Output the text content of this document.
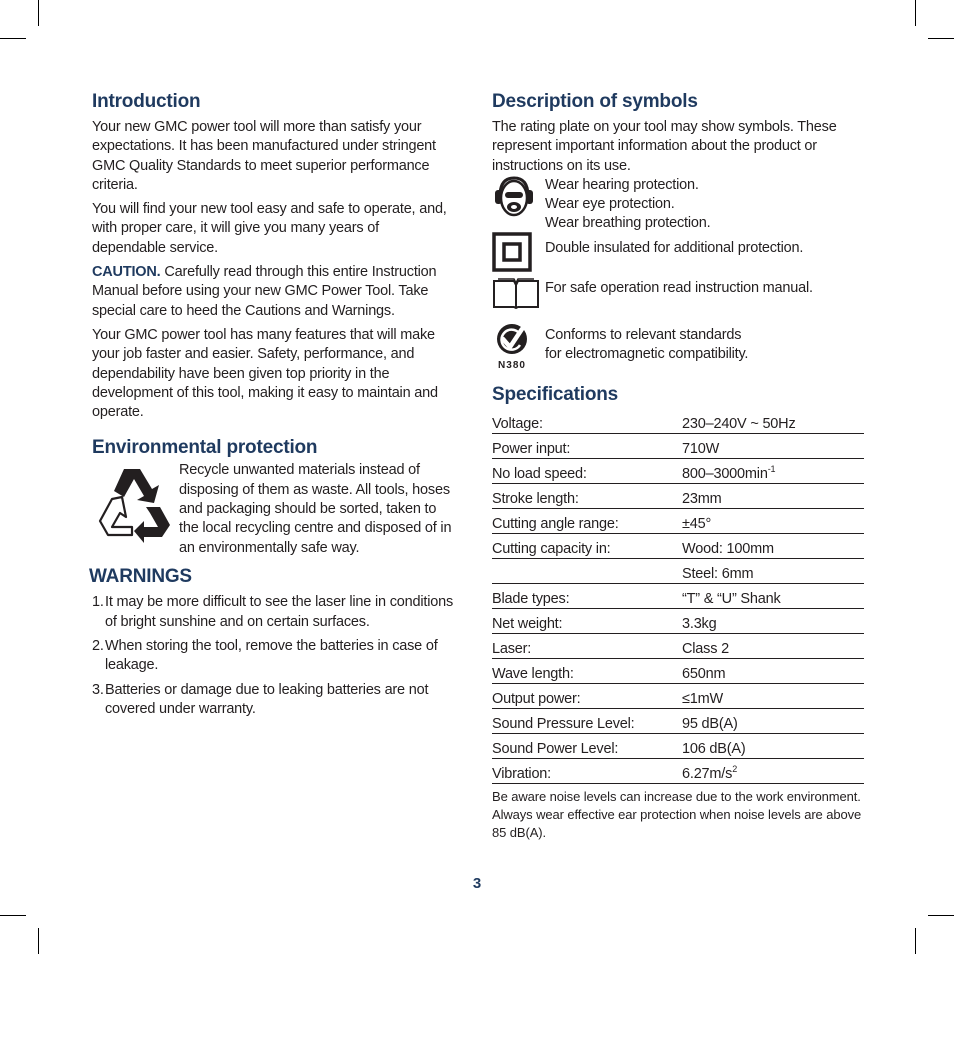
Introduction

Your new GMC power tool will more than satisfy your expectations. It has been manufactured under stringent GMC Quality Standards to meet superior performance criteria.

You will find your new tool easy and safe to operate, and, with proper care, it will give you many years of dependable service.

CAUTION. Carefully read through this entire Instruction Manual before using your new GMC Power Tool. Take special care to heed the Cautions and Warnings.

Your GMC power tool has many features that will make your job faster and easier. Safety, performance, and dependability have been given top priority in the development of this tool, making it easy to maintain and operate.

Environmental protection

Recycle unwanted materials instead of disposing of them as waste. All tools, hoses and packaging should be sorted, taken to the local recycling centre and disposed of in an environmentally safe way.

WARNINGS
1. It may be more difficult to see the laser line in conditions of bright sunshine and on certain surfaces.
2. When storing the tool, remove the batteries in case of leakage.
3. Batteries or damage due to leaking batteries are not covered under warranty.
Description of symbols

The rating plate on your tool may show symbols. These represent important information about the product or instructions on its use.

Wear hearing protection.

Wear eye protection.

Wear breathing protection.

Double insulated for additional protection.

For safe operation read instruction manual.

N380

Conforms to relevant standards

for electromagnetic compatibility.

Specifications
Voltage:	230–240V ~ 50Hz
Power input:	710W
No load speed:	$800-3000\min^{-1}$
Stroke length:	23mm
Cutting angle range:	±45°
Cutting capacity in:	Wood: 100mm
Steel: 6mm
Blade types:	“T” & “U” Shank
Net weight:	3.3kg
Laser:	Class 2
Wave length:	650nm
Output power:	≤1mW
Sound Pressure Level:	95 dB(A)
Sound Power Level:	106 dB(A)
Vibration:	$6.27m/s^2$

Be aware noise levels can increase due to the work environment. Always wear effective ear protection when noise levels are above 85 dB(A).

3
